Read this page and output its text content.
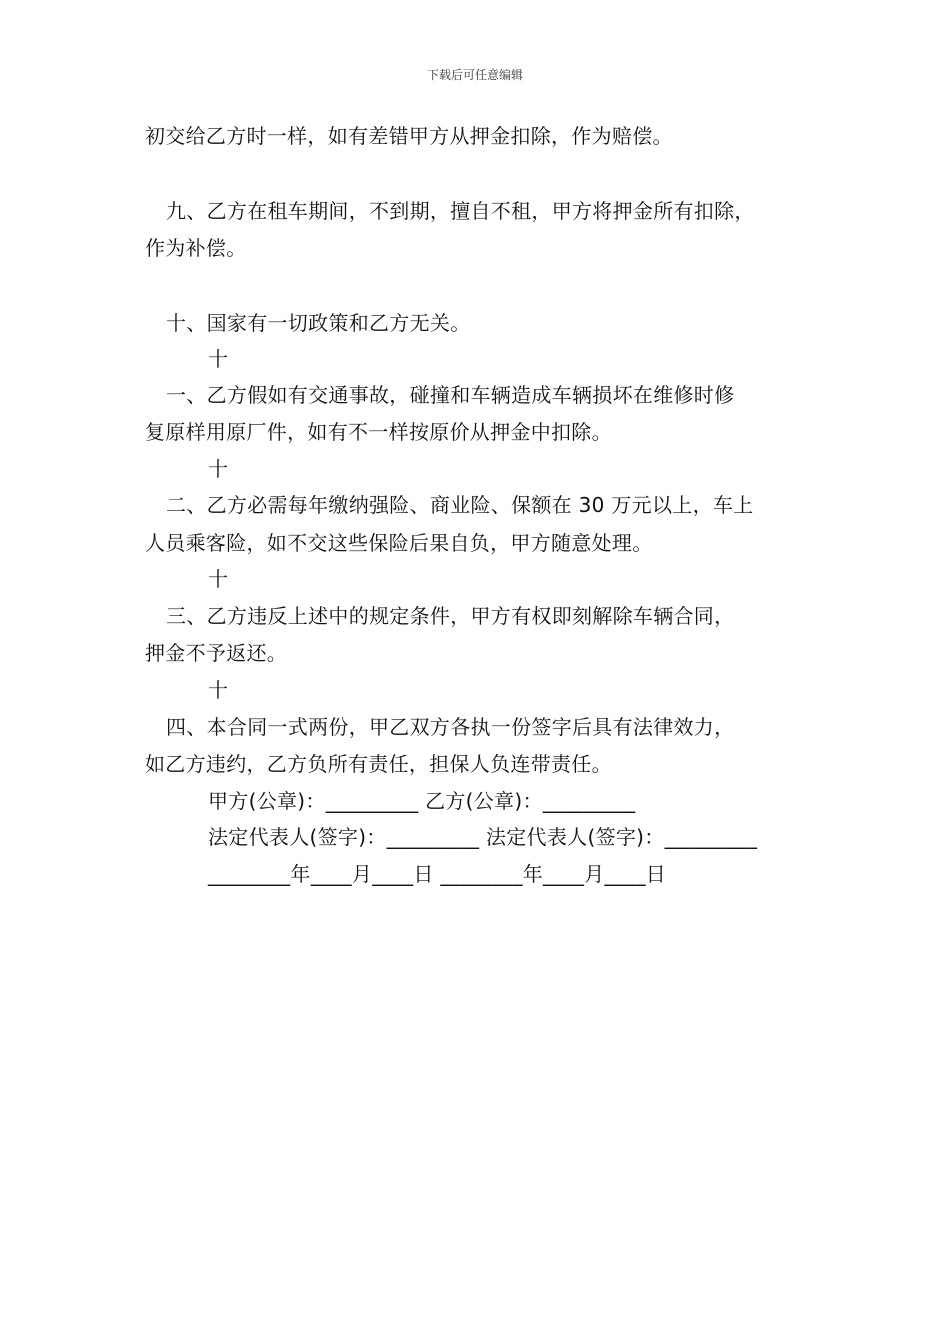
下载后可任意编辑
初交给乙方时一样，如有差错甲方从押金扣除，作为赔偿。
九、乙方在租车期间，不到期，擅自不租，甲方将押金所有扣除，
作为补偿。
十、国家有一切政策和乙方无关。
十
一、乙方假如有交通事故，碰撞和车辆造成车辆损坏在维修时修
复原样用原厂件，如有不一样按原价从押金中扣除。
十
二、乙方必需每年缴纳强险、商业险、保额在 30 万元以上，车上
人员乘客险，如不交这些保险后果自负，甲方随意处理。
十
三、乙方违反上述中的规定条件，甲方有权即刻解除车辆合同，
押金不予返还。
十
四、本合同一式两份，甲乙双方各执一份签字后具有法律效力，
如乙方违约，乙方负所有责任，担保人负连带责任。
甲方(公章)：_________ 乙方(公章)：_________
法定代表人(签字)：_________ 法定代表人(签字)：_________
________年____月____日 ________年____月____日
